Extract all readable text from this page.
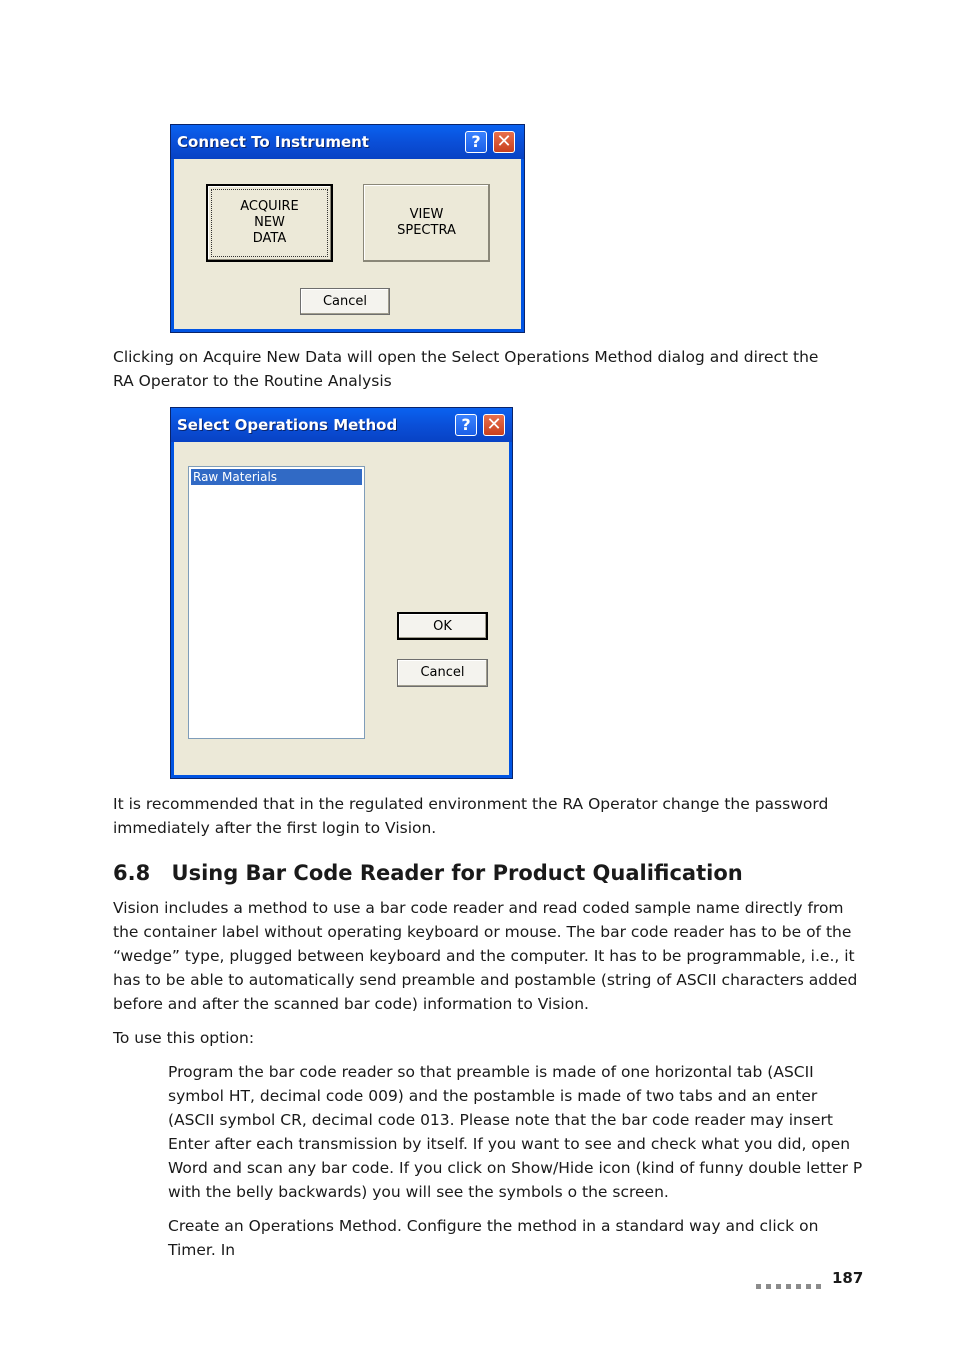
Connect To Instrument	? ✕
ACQUIRE
NEW
DATA
VIEW
SPECTRA
Cancel
Clicking on Acquire New Data will open the Select Operations Method dialog and direct the RA Operator to the Routine Analysis
Select Operations Method	? ✕
Raw Materials
OK
Cancel
It is recommended that in the regulated environment the RA Operator change the password immediately after the first login to Vision.
6.8 Using Bar Code Reader for Product Qualification
Vision includes a method to use a bar code reader and read coded sample name directly from the container label without operating keyboard or mouse. The bar code reader has to be of the “wedge” type, plugged between keyboard and the computer. It has to be programmable, i.e., it has to be able to automatically send preamble and postamble (string of ASCII characters added before and after the scanned bar code) information to Vision.
To use this option:
Program the bar code reader so that preamble is made of one horizontal tab (ASCII symbol HT, decimal code 009) and the postamble is made of two tabs and an enter (ASCII symbol CR, decimal code 013. Please note that the bar code reader may insert Enter after each transmission by itself. If you want to see and check what you did, open Word and scan any bar code. If you click on Show/Hide icon (kind of funny double letter P with the belly backwards) you will see the symbols o the screen.
Create an Operations Method. Configure the method in a standard way and click on Timer. In
187
